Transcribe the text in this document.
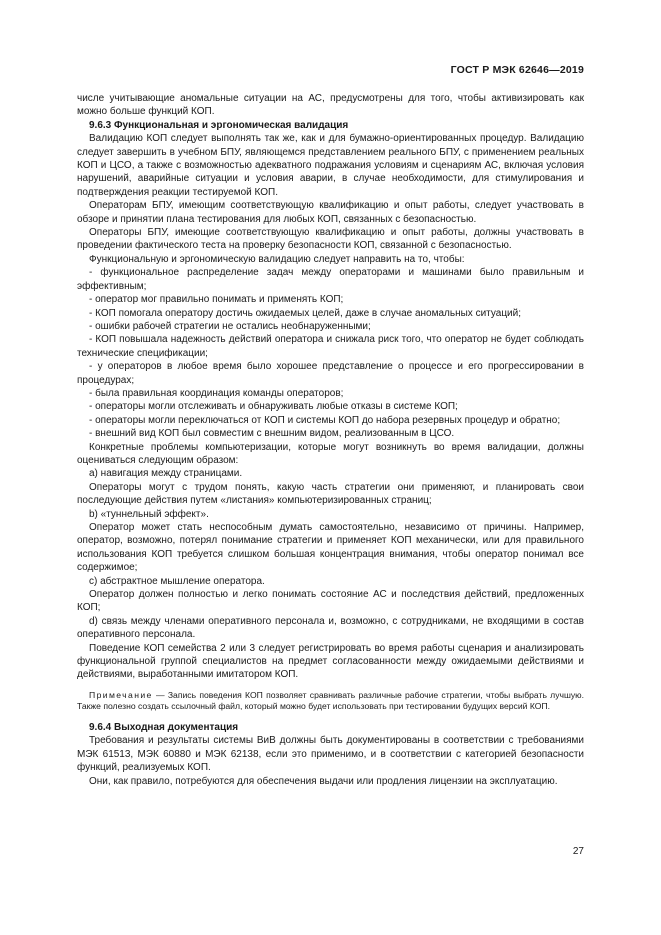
ГОСТ Р МЭК 62646—2019

числе учитывающие аномальные ситуации на АС, предусмотрены для того, чтобы активизировать как можно больше функций КОП.

9.6.3 Функциональная и эргономическая валидация

Валидацию КОП следует выполнять так же, как и для бумажно-ориентированных процедур. Валидацию следует завершить в учебном БПУ, являющемся представлением реального БПУ, с применением реальных КОП и ЦСО, а также с возможностью адекватного подражания условиям и сценариям АС, включая условия нарушений, аварийные ситуации и условия аварии, в случае необходимости, для стимулирования и подтверждения реакции тестируемой КОП.

Операторам БПУ, имеющим соответствующую квалификацию и опыт работы, следует участвовать в обзоре и принятии плана тестирования для любых КОП, связанных с безопасностью.

Операторы БПУ, имеющие соответствующую квалификацию и опыт работы, должны участвовать в проведении фактического теста на проверку безопасности КОП, связанной с безопасностью.

Функциональную и эргономическую валидацию следует направить на то, чтобы:

- функциональное распределение задач между операторами и машинами было правильным и эффективным;

- оператор мог правильно понимать и применять КОП;

- КОП помогала оператору достичь ожидаемых целей, даже в случае аномальных ситуаций;

- ошибки рабочей стратегии не остались необнаруженными;

- КОП повышала надежность действий оператора и снижала риск того, что оператор не будет соблюдать технические спецификации;

- у операторов в любое время было хорошее представление о процессе и его прогрессировании в процедурах;

- была правильная координация команды операторов;

- операторы могли отслеживать и обнаруживать любые отказы в системе КОП;

- операторы могли переключаться от КОП и системы КОП до набора резервных процедур и обратно;

- внешний вид КОП был совместим с внешним видом, реализованным в ЦСО.

Конкретные проблемы компьютеризации, которые могут возникнуть во время валидации, должны оцениваться следующим образом:

а) навигация между страницами.

Операторы могут с трудом понять, какую часть стратегии они применяют, и планировать свои последующие действия путем «листания» компьютеризированных страниц;

b) «туннельный эффект».

Оператор может стать неспособным думать самостоятельно, независимо от причины. Например, оператор, возможно, потерял понимание стратегии и применяет КОП механически, или для правильного использования КОП требуется слишком большая концентрация внимания, чтобы оператор понимал все содержимое;

с) абстрактное мышление оператора.

Оператор должен полностью и легко понимать состояние АС и последствия действий, предложенных КОП;

d) связь между членами оперативного персонала и, возможно, с сотрудниками, не входящими в состав оперативного персонала.

Поведение КОП семейства 2 или 3 следует регистрировать во время работы сценария и анализировать функциональной группой специалистов на предмет согласованности между ожидаемыми действиями и действиями, выработанными имитатором КОП.

Примечание — Запись поведения КОП позволяет сравнивать различные рабочие стратегии, чтобы выбрать лучшую. Также полезно создать ссылочный файл, который можно будет использовать при тестировании будущих версий КОП.

9.6.4 Выходная документация

Требования и результаты системы ВиВ должны быть документированы в соответствии с требованиями МЭК 61513, МЭК 60880 и МЭК 62138, если это применимо, и в соответствии с категорией безопасности функций, реализуемых КОП.

Они, как правило, потребуются для обеспечения выдачи или продления лицензии на эксплуатацию.

27
